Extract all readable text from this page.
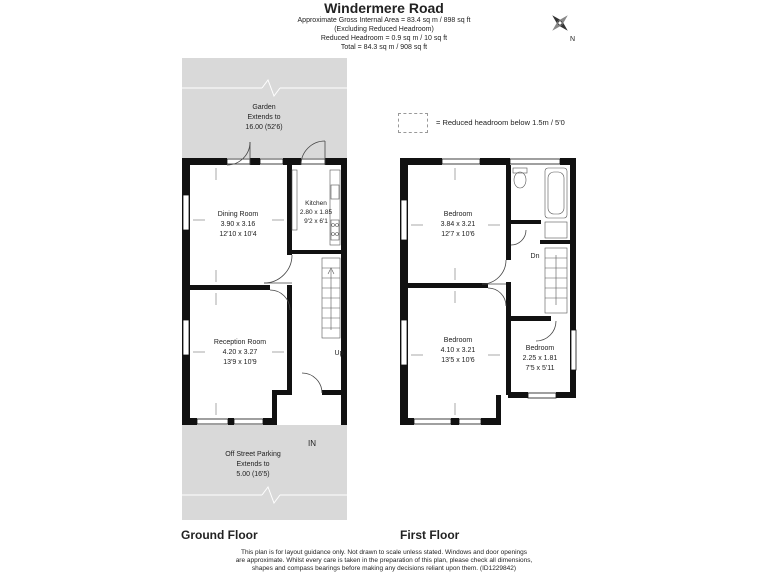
Windermere Road
Approximate Gross Internal Area = 83.4 sq m / 898 sq ft
(Excluding Reduced Headroom)
Reduced Headroom = 0.9 sq m / 10 sq ft
Total = 84.3 sq m / 908 sq ft
N
= Reduced headroom below 1.5m / 5'0
Garden
Extends to
16.00 (52'6)
Kitchen
2.80 x 1.85
9'2 x 6'1
Dining Room
3.90 x 3.16
12'10 x 10'4
Reception Room
4.20 x 3.27
13'9 x 10'9
Up
IN
Off Street Parking
Extends to
5.00 (16'5)
Bedroom
3.84 x 3.21
12'7 x 10'6
Bedroom
4.10 x 3.21
13'5 x 10'6
Bedroom
2.25 x 1.81
7'5 x 5'11
Dn
Ground Floor	First Floor
This plan is for layout guidance only. Not drawn to scale unless stated. Windows and door openings
are approximate. Whilst every care is taken in the preparation of this plan, please check all dimensions,
shapes and compass bearings before making any decisions reliant upon them. (ID1229842)
